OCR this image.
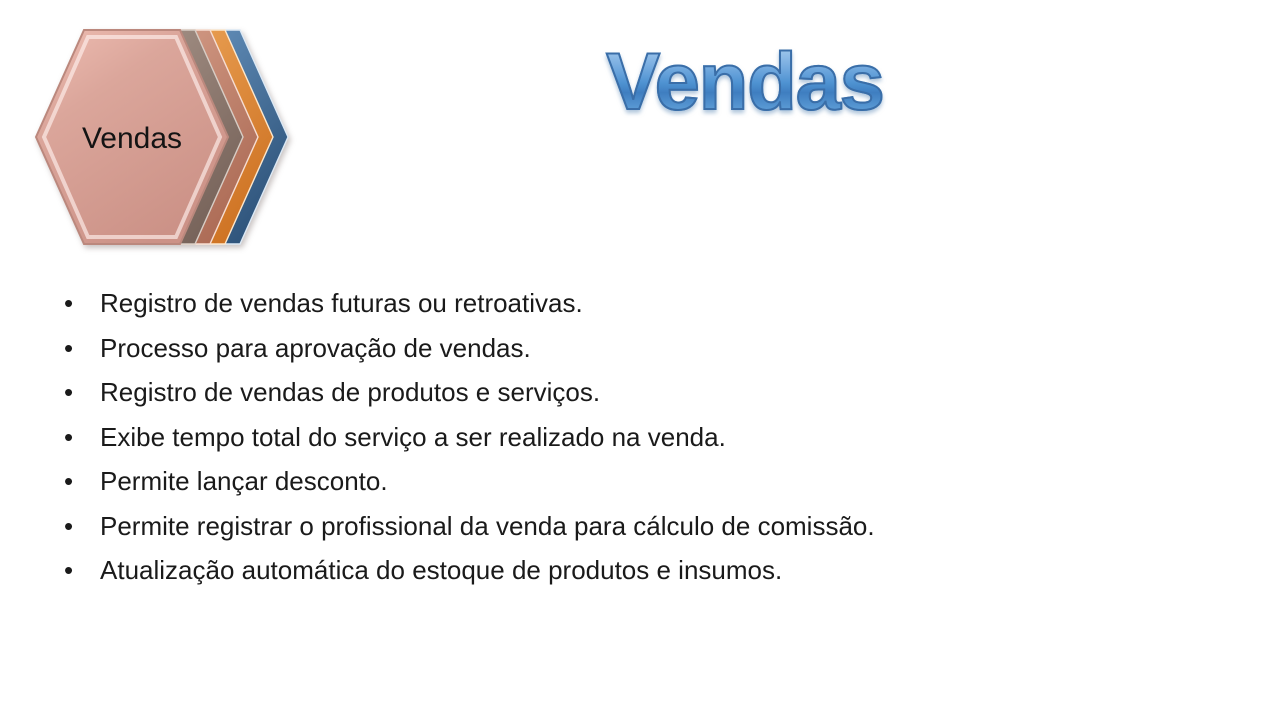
Vendas
Vendas
• Registro de vendas futuras ou retroativas.
• Processo para aprovação de vendas.
• Registro de vendas de produtos e serviços.
• Exibe tempo total do serviço a ser realizado na venda.
• Permite lançar desconto.
• Permite registrar o profissional da venda para cálculo de comissão.
• Atualização automática do estoque de produtos e insumos.
